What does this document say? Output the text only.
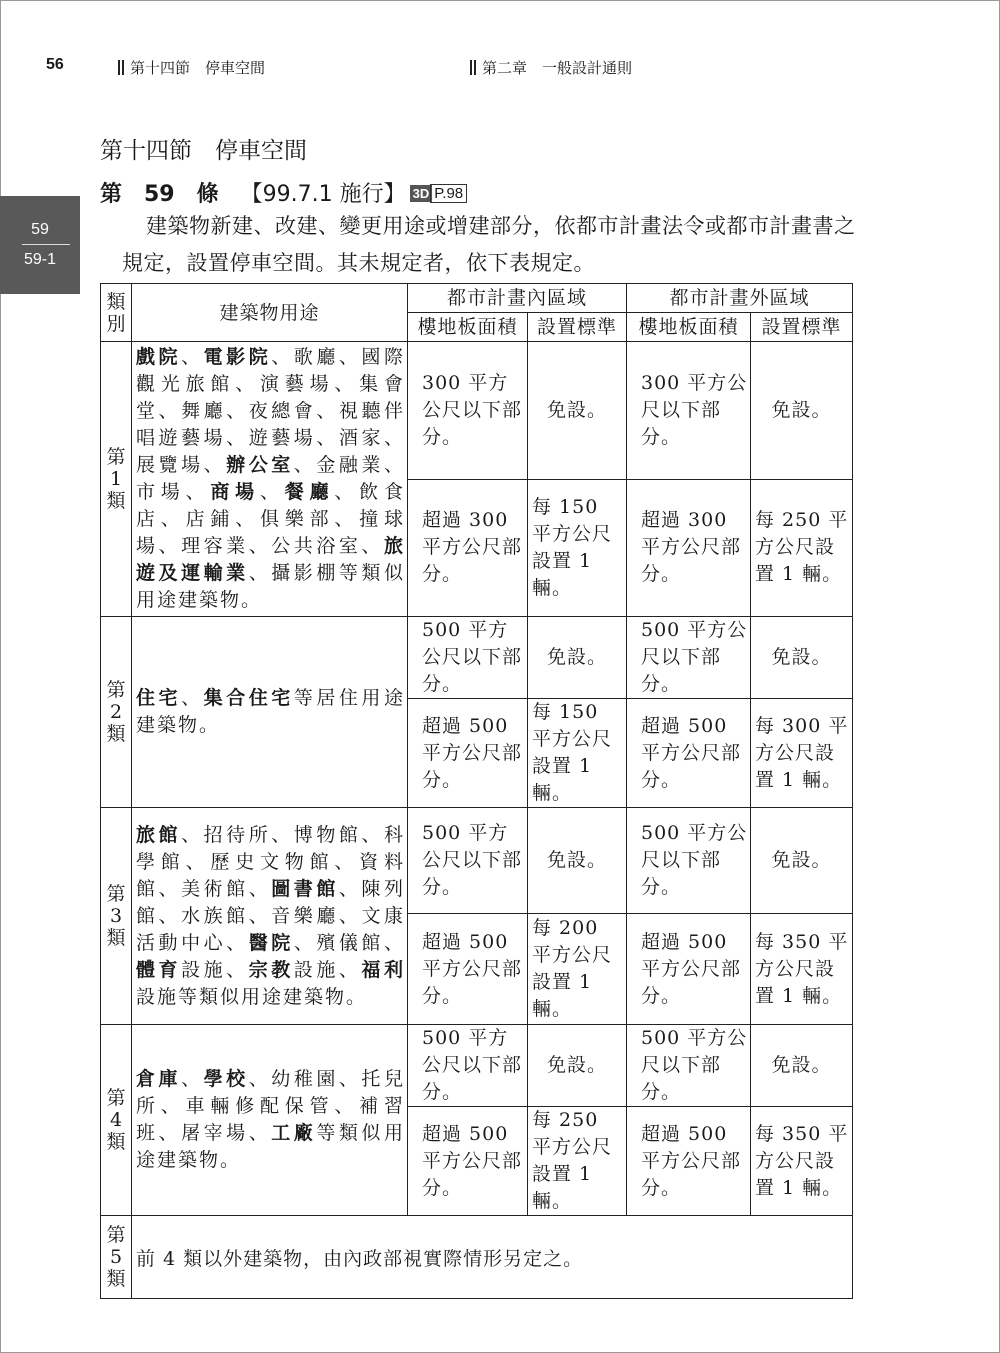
56	第十四節　停車空間	第二章　一般設計通則
59
59-1
第十四節　停車空間
第　59　條 【99.7.1 施行】 3D P.98
建築物新建、改建、變更用途或增建部分，依都市計畫法令或都市計畫書之規定，設置停車空間。其未規定者，依下表規定。
類
別	建築物用途	都市計畫內區域		都市計畫外區域	
		樓地板面積	設置標準	樓地板面積	設置標準
第
1
類	戲院、電影院、歌廳、國際觀光旅館、演藝場、集會堂、舞廳、夜總會、視聽伴唱遊藝場、遊藝場、酒家、展覽場、辦公室、金融業、市場、商場、餐廳、飲食店、店鋪、俱樂部、撞球場、理容業、公共浴室、旅遊及運輸業、攝影棚等類似用途建築物。	300 平方公尺以下部分。	免設。	300 平方公尺以下部分。	免設。
		超過 300 平方公尺部分。	每 150 平方公尺設置 1 輛。	超過 300 平方公尺部分。	每 250 平方公尺設置 1 輛。
第
2
類	住宅、集合住宅等居住用途建築物。	500 平方公尺以下部分。	免設。	500 平方公尺以下部分。	免設。
		超過 500 平方公尺部分。	每 150 平方公尺設置 1 輛。	超過 500 平方公尺部分。	每 300 平方公尺設置 1 輛。
第
3
類	旅館、招待所、博物館、科學館、歷史文物館、資料館、美術館、圖書館、陳列館、水族館、音樂廳、文康活動中心、醫院、殯儀館、體育設施、宗教設施、福利設施等類似用途建築物。	500 平方公尺以下部分。	免設。	500 平方公尺以下部分。	免設。
		超過 500 平方公尺部分。	每 200 平方公尺設置 1 輛。	超過 500 平方公尺部分。	每 350 平方公尺設置 1 輛。
第
4
類	倉庫、學校、幼稚園、托兒所、車輛修配保管、補習班、屠宰場、工廠等類似用途建築物。	500 平方公尺以下部分。	免設。	500 平方公尺以下部分。	免設。
		超過 500 平方公尺部分。	每 250 平方公尺設置 1 輛。	超過 500 平方公尺部分。	每 350 平方公尺設置 1 輛。
第
5
類	前 4 類以外建築物，由內政部視實際情形另定之。				
